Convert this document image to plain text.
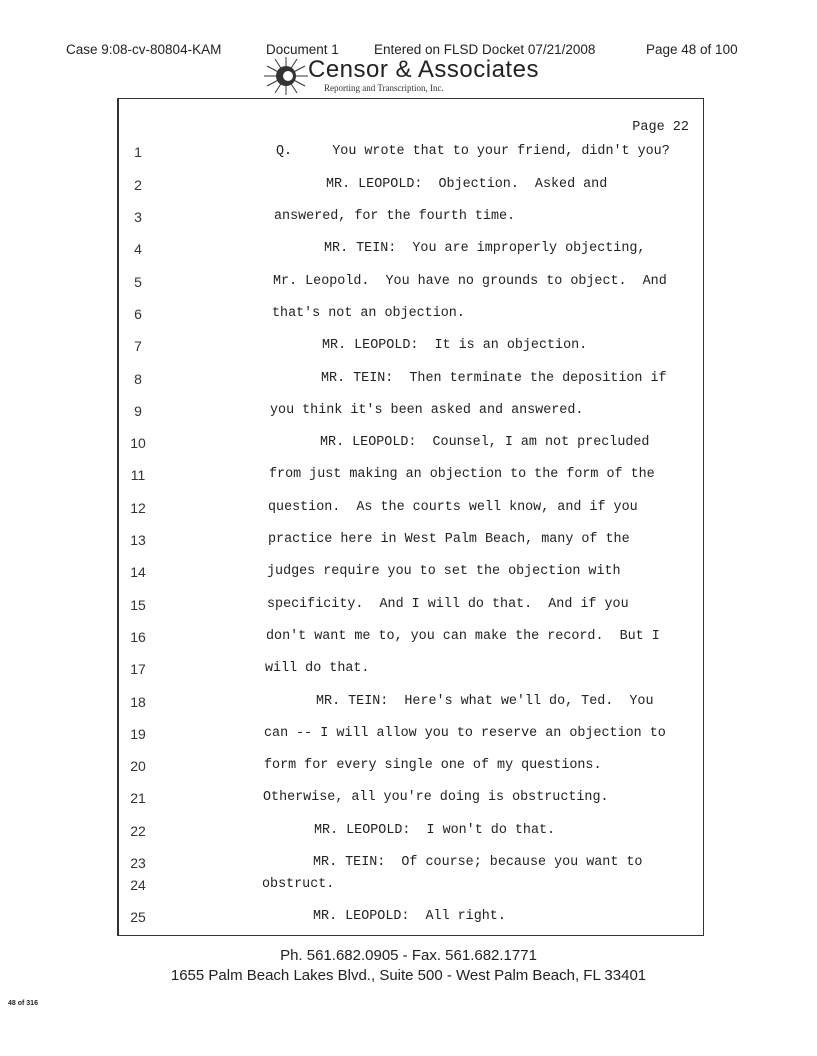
Case 9:08-cv-80804-KAM	Document 1	Entered on FLSD Docket 07/21/2008	Page 48 of 100
Censor & Associates
Reporting and Transcription, Inc.
Page 22
1	Q.     You wrote that to your friend, didn't you?
2	MR. LEOPOLD:  Objection.  Asked and
3	answered, for the fourth time.
4	MR. TEIN:  You are improperly objecting,
5	Mr. Leopold.  You have no grounds to object.  And
6	that's not an objection.
7	MR. LEOPOLD:  It is an objection.
8	MR. TEIN:  Then terminate the deposition if
9	you think it's been asked and answered.
10	MR. LEOPOLD:  Counsel, I am not precluded
11	from just making an objection to the form of the
12	question.  As the courts well know, and if you
13	practice here in West Palm Beach, many of the
14	judges require you to set the objection with
15	specificity.  And I will do that.  And if you
16	don't want me to, you can make the record.  But I
17	will do that.
18	MR. TEIN:  Here's what we'll do, Ted.  You
19	can -- I will allow you to reserve an objection to
20	form for every single one of my questions.
21	Otherwise, all you're doing is obstructing.
22	MR. LEOPOLD:  I won't do that.
23	MR. TEIN:  Of course; because you want to
24	obstruct.
25	MR. LEOPOLD:  All right.
Ph. 561.682.0905 - Fax. 561.682.1771
1655 Palm Beach Lakes Blvd., Suite 500 - West Palm Beach, FL 33401
48 of 316
